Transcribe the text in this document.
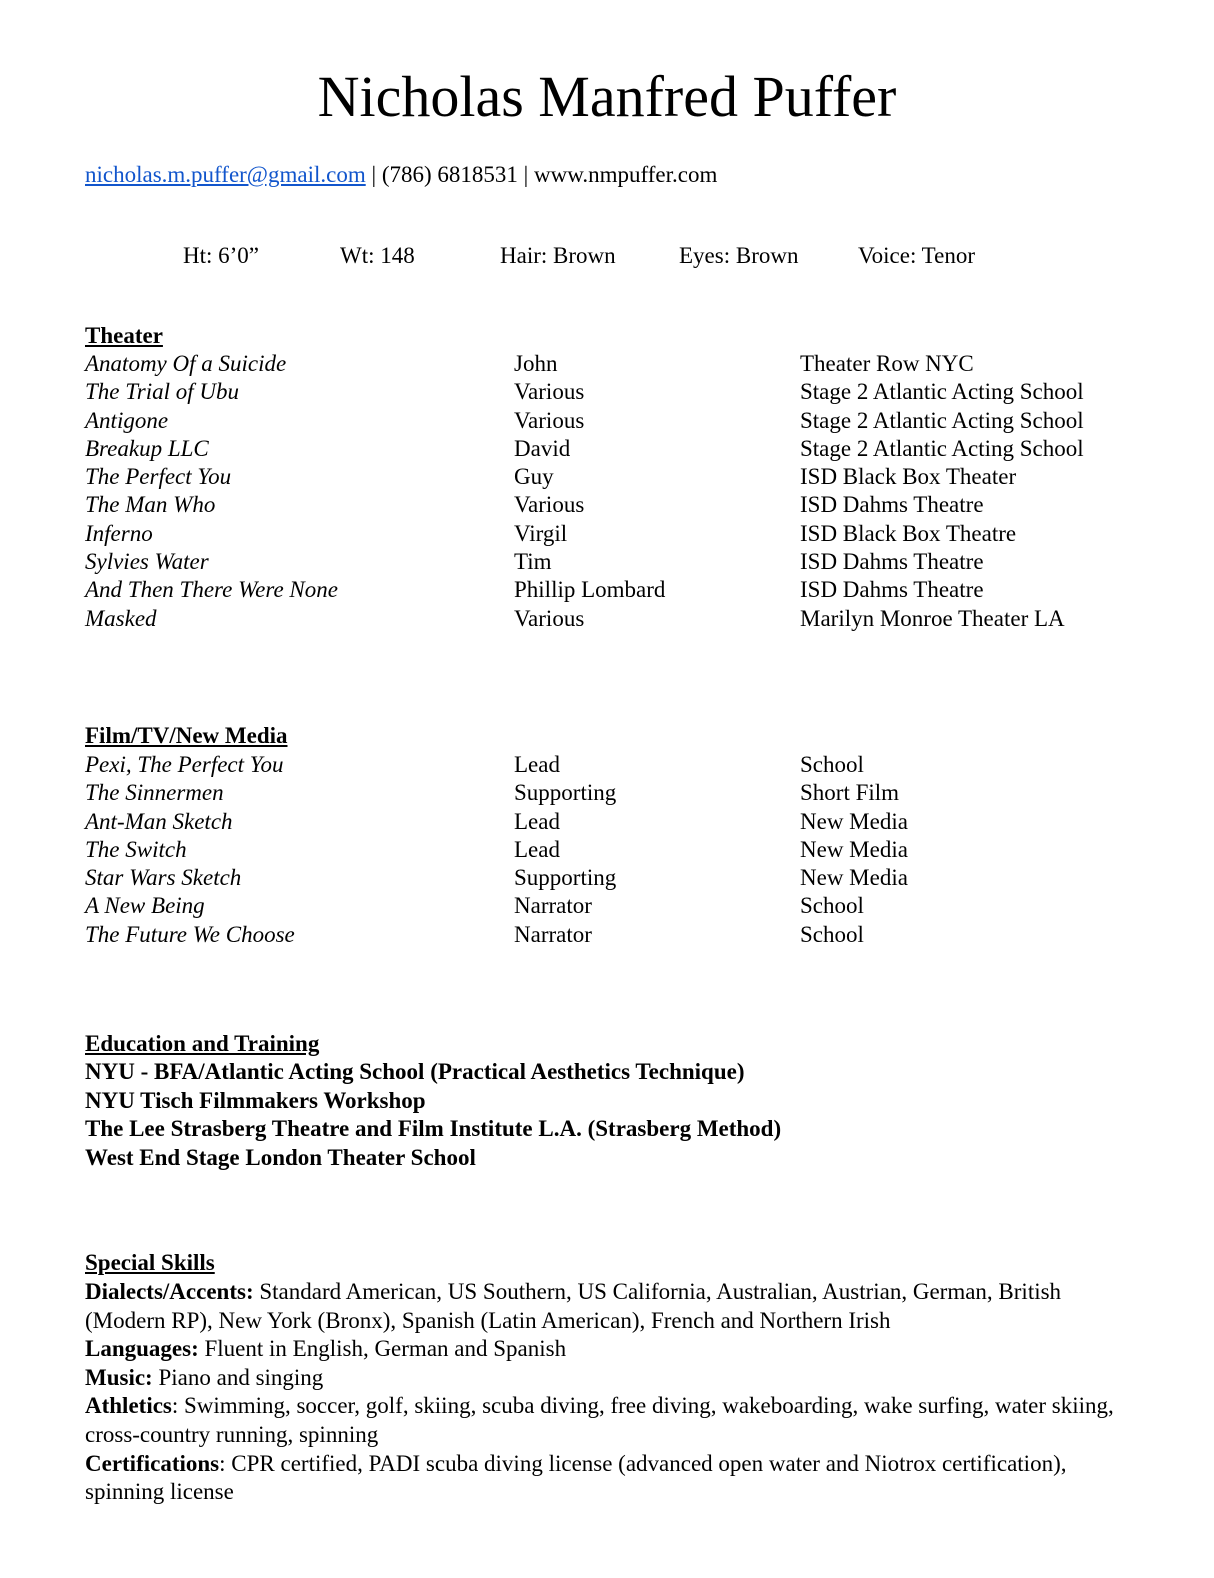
Nicholas Manfred Puffer
nicholas.m.puffer@gmail.com | (786) 6818531 | www.nmpuffer.com
Ht: 6’0”	Wt: 148	Hair: Brown	Eyes: Brown	Voice: Tenor
Theater
Anatomy Of a Suicide	John	Theater Row NYC
The Trial of Ubu	Various	Stage 2 Atlantic Acting School
Antigone	Various	Stage 2 Atlantic Acting School
Breakup LLC	David	Stage 2 Atlantic Acting School
The Perfect You	Guy	ISD Black Box Theater
The Man Who	Various	ISD Dahms Theatre
Inferno	Virgil	ISD Black Box Theatre
Sylvies Water	Tim	ISD Dahms Theatre
And Then There Were None	Phillip Lombard	ISD Dahms Theatre
Masked	Various	Marilyn Monroe Theater LA
Film/TV/New Media
Pexi, The Perfect You	Lead	School
The Sinnermen	Supporting	Short Film
Ant-Man Sketch	Lead	New Media
The Switch	Lead	New Media
Star Wars Sketch	Supporting	New Media
A New Being	Narrator	School
The Future We Choose	Narrator	School
Education and Training
NYU - BFA/Atlantic Acting School (Practical Aesthetics Technique)
NYU Tisch Filmmakers Workshop
The Lee Strasberg Theatre and Film Institute L.A. (Strasberg Method)
West End Stage London Theater School
Special Skills

Dialects/Accents: Standard American, US Southern, US California, Australian, Austrian, German, British (Modern RP), New York (Bronx), Spanish (Latin American), French and Northern Irish

Languages: Fluent in English, German and Spanish

Music: Piano and singing

Athletics: Swimming, soccer, golf, skiing, scuba diving, free diving, wakeboarding, wake surfing, water skiing, cross-country running, spinning

Certifications: CPR certified, PADI scuba diving license (advanced open water and Niotrox certification), spinning license
